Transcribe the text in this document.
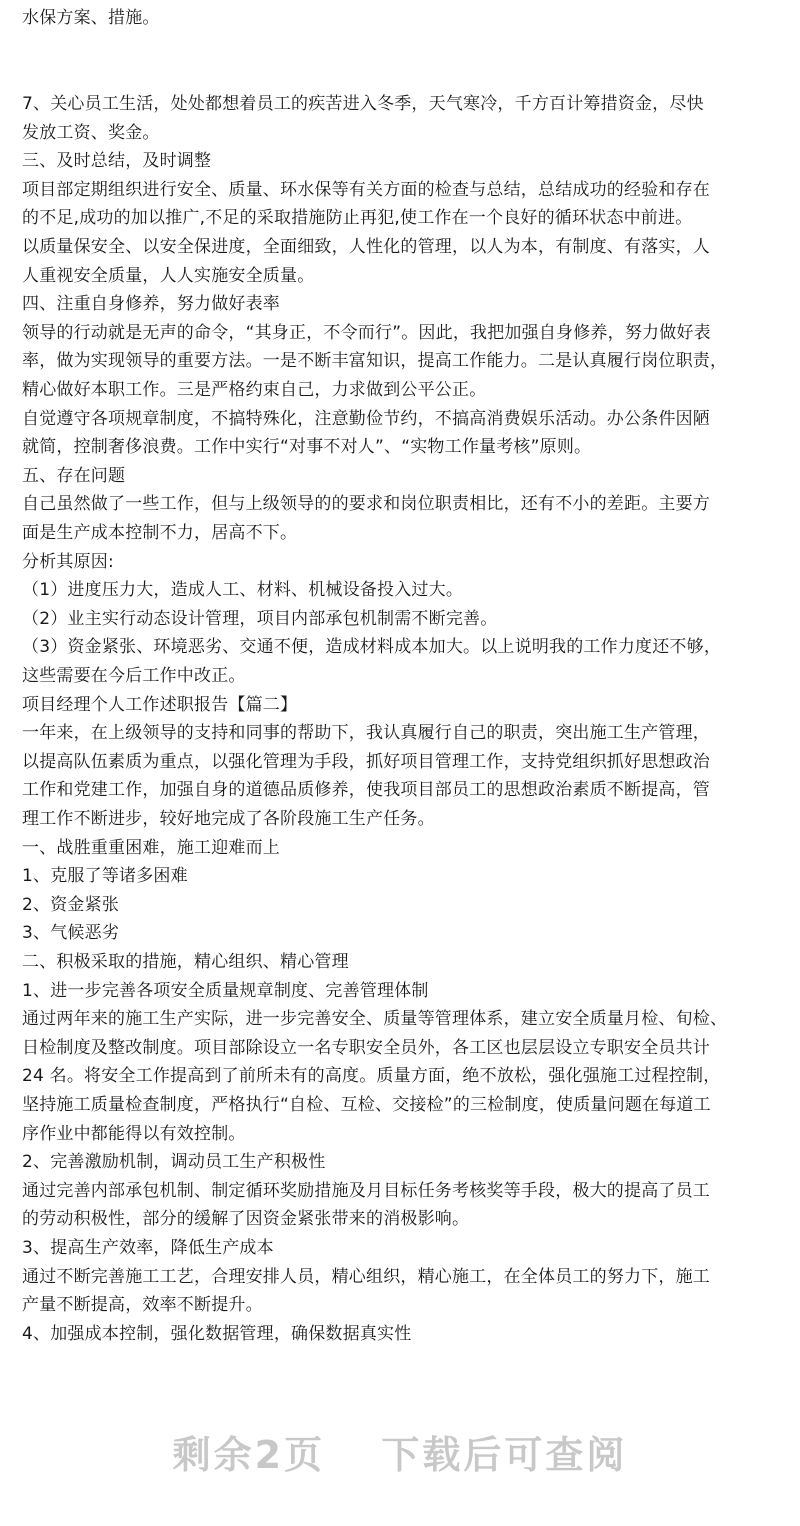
水保方案、措施。
7、关心员工生活，处处都想着员工的疾苦进入冬季，天气寒冷，千方百计筹措资金，尽快
发放工资、奖金。
三、及时总结，及时调整
项目部定期组织进行安全、质量、环水保等有关方面的检查与总结，总结成功的经验和存在
的不足,成功的加以推广,不足的采取措施防止再犯,使工作在一个良好的循环状态中前进。
以质量保安全、以安全保进度，全面细致，人性化的管理，以人为本，有制度、有落实，人
人重视安全质量，人人实施安全质量。
四、注重自身修养，努力做好表率
领导的行动就是无声的命令，“其身正，不令而行”。因此，我把加强自身修养，努力做好表
率，做为实现领导的重要方法。一是不断丰富知识，提高工作能力。二是认真履行岗位职责，
精心做好本职工作。三是严格约束自己，力求做到公平公正。
自觉遵守各项规章制度，不搞特殊化，注意勤俭节约，不搞高消费娱乐活动。办公条件因陋
就简，控制奢侈浪费。工作中实行“对事不对人”、“实物工作量考核”原则。
五、存在问题
自己虽然做了一些工作，但与上级领导的的要求和岗位职责相比，还有不小的差距。主要方
面是生产成本控制不力，居高不下。
分析其原因:
（1）进度压力大，造成人工、材料、机械设备投入过大。
（2）业主实行动态设计管理，项目内部承包机制需不断完善。
（3）资金紧张、环境恶劣、交通不便，造成材料成本加大。以上说明我的工作力度还不够，
这些需要在今后工作中改正。
项目经理个人工作述职报告【篇二】
一年来，在上级领导的支持和同事的帮助下，我认真履行自己的职责，突出施工生产管理，
以提高队伍素质为重点，以强化管理为手段，抓好项目管理工作，支持党组织抓好思想政治
工作和党建工作，加强自身的道德品质修养，使我项目部员工的思想政治素质不断提高，管
理工作不断进步，较好地完成了各阶段施工生产任务。
一、战胜重重困难，施工迎难而上
1、克服了等诸多困难
2、资金紧张
3、气候恶劣
二、积极采取的措施，精心组织、精心管理
1、进一步完善各项安全质量规章制度、完善管理体制
通过两年来的施工生产实际，进一步完善安全、质量等管理体系，建立安全质量月检、旬检、
日检制度及整改制度。项目部除设立一名专职安全员外，各工区也层层设立专职安全员共计
24 名。将安全工作提高到了前所未有的高度。质量方面，绝不放松，强化强施工过程控制，
坚持施工质量检查制度，严格执行“自检、互检、交接检”的三检制度，使质量问题在每道工
序作业中都能得以有效控制。
2、完善激励机制，调动员工生产积极性
通过完善内部承包机制、制定循环奖励措施及月目标任务考核奖等手段，极大的提高了员工
的劳动积极性，部分的缓解了因资金紧张带来的消极影响。
3、提高生产效率，降低生产成本
通过不断完善施工工艺，合理安排人员，精心组织，精心施工，在全体员工的努力下，施工
产量不断提高，效率不断提升。
4、加强成本控制，强化数据管理，确保数据真实性
剩余2页 下载后可查阅
